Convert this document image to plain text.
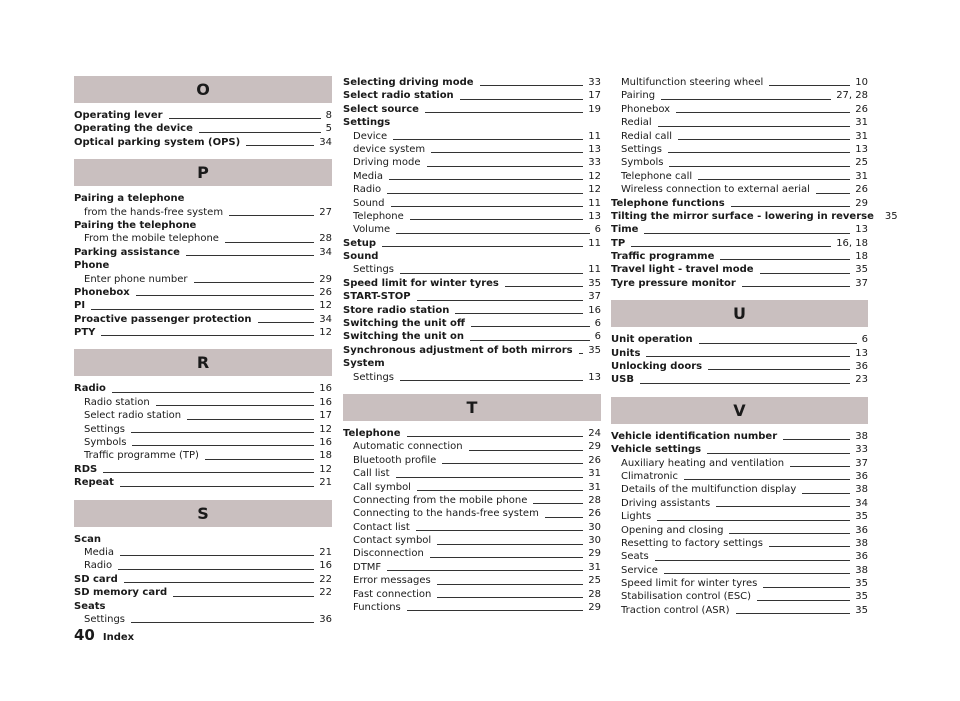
O
Operating lever	8
Operating the device	5
Optical parking system (OPS)	34
P
Pairing a telephone
from the hands-free system	27
Pairing the telephone
From the mobile telephone	28
Parking assistance	34
Phone
Enter phone number	29
Phonebox	26
PI	12
Proactive passenger protection	34
PTY	12
R
Radio	16
Radio station	16
Select radio station	17
Settings	12
Symbols	16
Traffic programme (TP)	18
RDS	12
Repeat	21
S
Scan
Media	21
Radio	16
SD card	22
SD memory card	22
Seats
Settings	36
Selecting driving mode	33
Select radio station	17
Select source	19
Settings
Device	11
device system	13
Driving mode	33
Media	12
Radio	12
Sound	11
Telephone	13
Volume	6
Setup	11
Sound
Settings	11
Speed limit for winter tyres	35
START-STOP	37
Store radio station	16
Switching the unit off	6
Switching the unit on	6
Synchronous adjustment of both mirrors 35
System
Settings	13
T
Telephone	24
Automatic connection	29
Bluetooth profile	26
Call list	31
Call symbol	31
Connecting from the mobile phone	28
Connecting to the hands-free system	26
Contact list	30
Contact symbol	30
Disconnection	29
DTMF	31
Error messages	25
Fast connection	28
Functions	29
Multifunction steering wheel	10
Pairing	27, 28
Phonebox	26
Redial	31
Redial call	31
Settings	13
Symbols	25
Telephone call	31
Wireless connection to external aerial	26
Telephone functions	29
Tilting the mirror surface - lowering in reverse 35
Time	13
TP	16, 18
Traffic programme	18
Travel light - travel mode	35
Tyre pressure monitor	37
U
Unit operation	6
Units	13
Unlocking doors	36
USB	23
V
Vehicle identification number	38
Vehicle settings	33
Auxiliary heating and ventilation	37
Climatronic	36
Details of the multifunction display	38
Driving assistants	34
Lights	35
Opening and closing	36
Resetting to factory settings	38
Seats	36
Service	38
Speed limit for winter tyres	35
Stabilisation control (ESC)	35
Traction control (ASR)	35
40 Index
